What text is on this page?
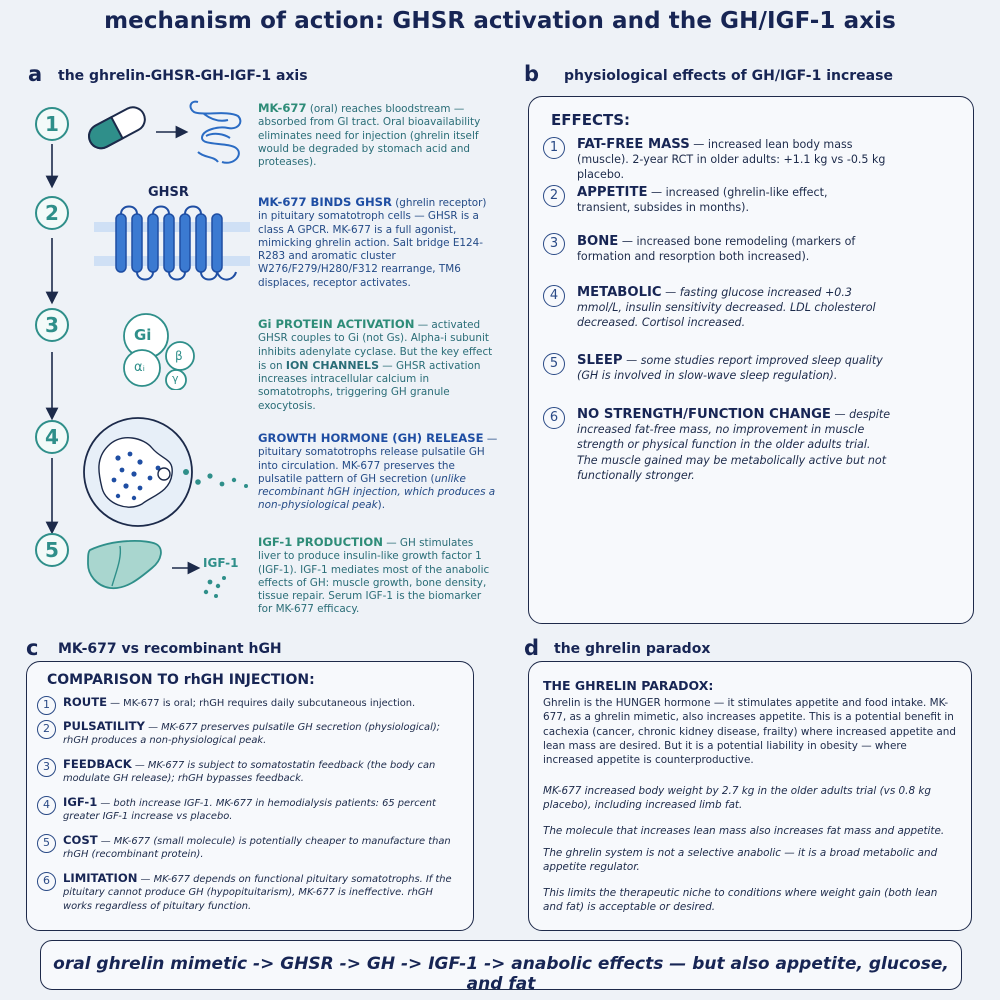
mechanism of action: GHSR activation and the GH/IGF-1 axis
a the ghrelin-GHSR-GH-IGF-1 axis
1
2
3
4
5
GHSR
Gi
αᵢ
β
γ
IGF-1
MK-677 (oral) reaches bloodstream — absorbed from GI tract. Oral bioavailability eliminates need for injection (ghrelin itself would be degraded by stomach acid and proteases).
MK-677 BINDS GHSR (ghrelin receptor) in pituitary somatotroph cells — GHSR is a class A GPCR. MK-677 is a full agonist, mimicking ghrelin action. Salt bridge E124-R283 and aromatic cluster W276/F279/H280/F312 rearrange, TM6 displaces, receptor activates.
Gi PROTEIN ACTIVATION — activated GHSR couples to Gi (not Gs). Alpha-i subunit inhibits adenylate cyclase. But the key effect is on ION CHANNELS — GHSR activation increases intracellular calcium in somatotrophs, triggering GH granule exocytosis.
GROWTH HORMONE (GH) RELEASE — pituitary somatotrophs release pulsatile GH into circulation. MK-677 preserves the pulsatile pattern of GH secretion (unlike recombinant hGH injection, which produces a non-physiological peak).
IGF-1 PRODUCTION — GH stimulates liver to produce insulin-like growth factor 1 (IGF-1). IGF-1 mediates most of the anabolic effects of GH: muscle growth, bone density, tissue repair. Serum IGF-1 is the biomarker for MK-677 efficacy.
b physiological effects of GH/IGF-1 increase
EFFECTS:
1	FAT-FREE MASS — increased lean body mass (muscle). 2-year RCT in older adults: +1.1 kg vs -0.5 kg placebo.
2	APPETITE — increased (ghrelin-like effect, transient, subsides in months).
3	BONE — increased bone remodeling (markers of formation and resorption both increased).
4	METABOLIC — fasting glucose increased +0.3 mmol/L, insulin sensitivity decreased. LDL cholesterol decreased. Cortisol increased.
5	SLEEP — some studies report improved sleep quality (GH is involved in slow-wave sleep regulation).
6	NO STRENGTH/FUNCTION CHANGE — despite increased fat-free mass, no improvement in muscle strength or physical function in the older adults trial. The muscle gained may be metabolically active but not functionally stronger.
c MK-677 vs recombinant hGH
COMPARISON TO rhGH INJECTION:
1	ROUTE — MK-677 is oral; rhGH requires daily subcutaneous injection.
2	PULSATILITY — MK-677 preserves pulsatile GH secretion (physiological); rhGH produces a non-physiological peak.
3	FEEDBACK — MK-677 is subject to somatostatin feedback (the body can modulate GH release); rhGH bypasses feedback.
4	IGF-1 — both increase IGF-1. MK-677 in hemodialysis patients: 65 percent greater IGF-1 increase vs placebo.
5	COST — MK-677 (small molecule) is potentially cheaper to manufacture than rhGH (recombinant protein).
6	LIMITATION — MK-677 depends on functional pituitary somatotrophs. If the pituitary cannot produce GH (hypopituitarism), MK-677 is ineffective. rhGH works regardless of pituitary function.
d the ghrelin paradox
THE GHRELIN PARADOX:
Ghrelin is the HUNGER hormone — it stimulates appetite and food intake. MK-677, as a ghrelin mimetic, also increases appetite. This is a potential benefit in cachexia (cancer, chronic kidney disease, frailty) where increased appetite and lean mass are desired. But it is a potential liability in obesity — where increased appetite is counterproductive.
MK-677 increased body weight by 2.7 kg in the older adults trial (vs 0.8 kg placebo), including increased limb fat.
The molecule that increases lean mass also increases fat mass and appetite.
The ghrelin system is not a selective anabolic — it is a broad metabolic and appetite regulator.
This limits the therapeutic niche to conditions where weight gain (both lean and fat) is acceptable or desired.
oral ghrelin mimetic -> GHSR -> GH -> IGF-1 -> anabolic effects — but also appetite, glucose, and fat
